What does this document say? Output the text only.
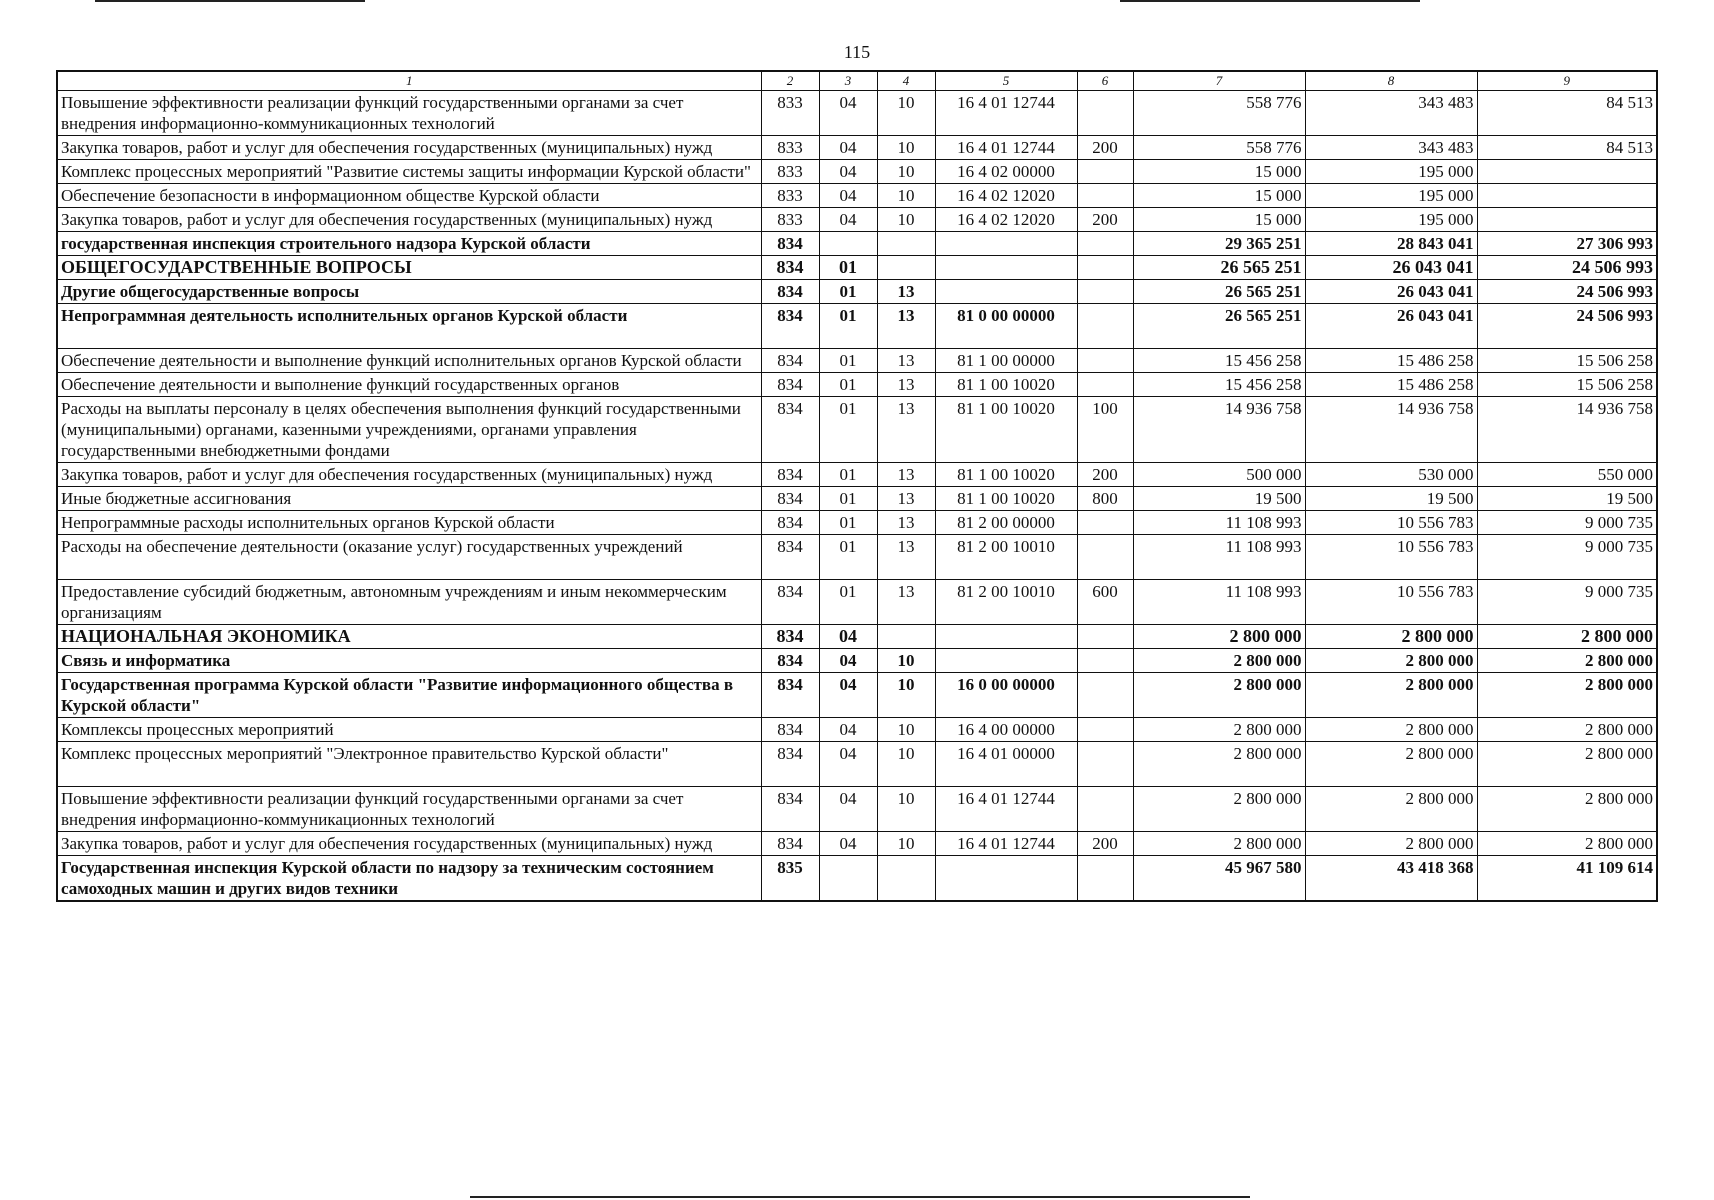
115
1	2	3	4	5	6	7	8	9
Повышение эффективности реализации функций государственными органами за счет внедрения информационно-коммуникационных технологий	833	04	10	16 4 01 12744		558 776	343 483	84 513
Закупка товаров, работ и услуг для обеспечения государственных (муниципальных) нужд	833	04	10	16 4 01 12744	200	558 776	343 483	84 513
Комплекс процессных мероприятий "Развитие системы защиты информации Курской области"	833	04	10	16 4 02 00000		15 000	195 000	
Обеспечение безопасности в информационном обществе Курской области	833	04	10	16 4 02 12020		15 000	195 000	
Закупка товаров, работ и услуг для обеспечения государственных (муниципальных) нужд	833	04	10	16 4 02 12020	200	15 000	195 000	
государственная инспекция строительного надзора Курской области	834					29 365 251	28 843 041	27 306 993
ОБЩЕГОСУДАРСТВЕННЫЕ ВОПРОСЫ	834	01				26 565 251	26 043 041	24 506 993
Другие общегосударственные вопросы	834	01	13			26 565 251	26 043 041	24 506 993
Непрограммная деятельность исполнительных органов Курской области	834	01	13	81 0 00 00000		26 565 251	26 043 041	24 506 993
Обеспечение деятельности и выполнение функций исполнительных органов Курской области	834	01	13	81 1 00 00000		15 456 258	15 486 258	15 506 258
Обеспечение деятельности и выполнение функций государственных органов	834	01	13	81 1 00 10020		15 456 258	15 486 258	15 506 258
Расходы на выплаты персоналу в целях обеспечения выполнения функций государственными (муниципальными) органами, казенными учреждениями, органами управления государственными внебюджетными фондами	834	01	13	81 1 00 10020	100	14 936 758	14 936 758	14 936 758
Закупка товаров, работ и услуг для обеспечения государственных (муниципальных) нужд	834	01	13	81 1 00 10020	200	500 000	530 000	550 000
Иные бюджетные ассигнования	834	01	13	81 1 00 10020	800	19 500	19 500	19 500
Непрограммные расходы исполнительных органов Курской области	834	01	13	81 2 00 00000		11 108 993	10 556 783	9 000 735
Расходы на обеспечение деятельности (оказание услуг) государственных учреждений	834	01	13	81 2 00 10010		11 108 993	10 556 783	9 000 735
Предоставление субсидий бюджетным, автономным учреждениям и иным некоммерческим организациям	834	01	13	81 2 00 10010	600	11 108 993	10 556 783	9 000 735
НАЦИОНАЛЬНАЯ ЭКОНОМИКА	834	04				2 800 000	2 800 000	2 800 000
Связь и информатика	834	04	10			2 800 000	2 800 000	2 800 000
Государственная программа Курской области "Развитие информационного общества в Курской области"	834	04	10	16 0 00 00000		2 800 000	2 800 000	2 800 000
Комплексы процессных мероприятий	834	04	10	16 4 00 00000		2 800 000	2 800 000	2 800 000
Комплекс процессных мероприятий "Электронное правительство Курской области"	834	04	10	16 4 01 00000		2 800 000	2 800 000	2 800 000
Повышение эффективности реализации функций государственными органами за счет внедрения информационно-коммуникационных технологий	834	04	10	16 4 01 12744		2 800 000	2 800 000	2 800 000
Закупка товаров, работ и услуг для обеспечения государственных (муниципальных) нужд	834	04	10	16 4 01 12744	200	2 800 000	2 800 000	2 800 000
Государственная инспекция Курской области по надзору за техническим состоянием самоходных машин и других видов техники	835					45 967 580	43 418 368	41 109 614
